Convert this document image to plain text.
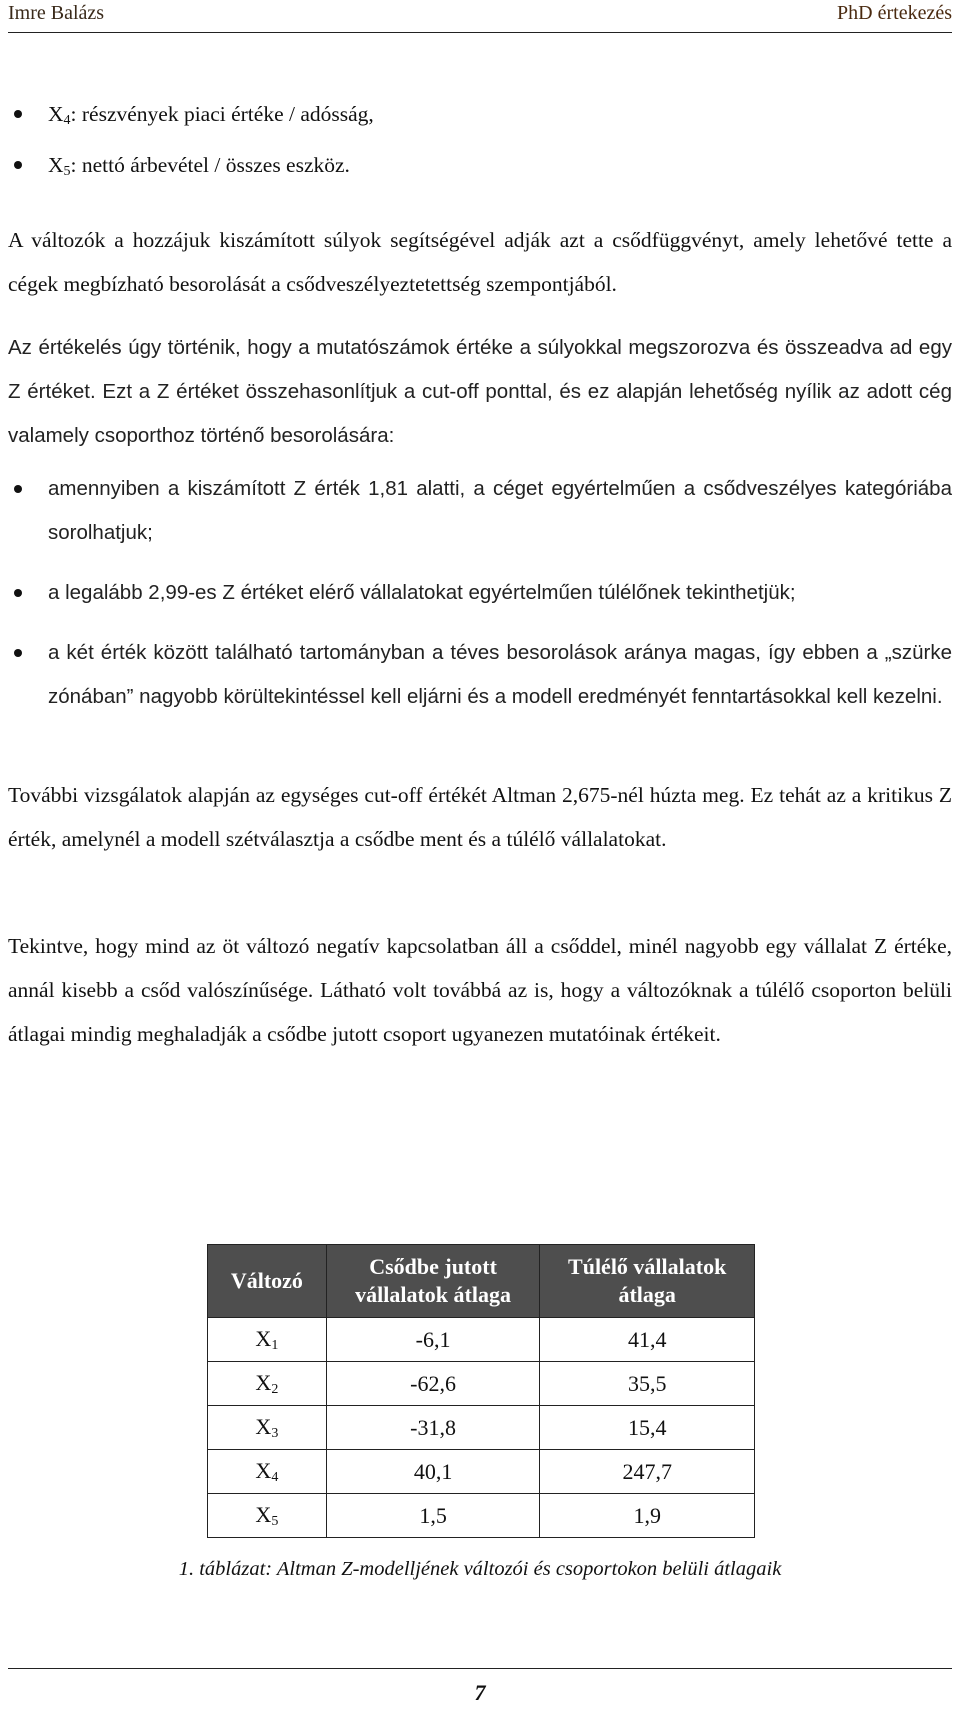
Imre Balázs	PhD értekezés
$X_4$: részvények piaci értéke / adósság,
$X_5$: nettó árbevétel / összes eszköz.
A változók a hozzájuk kiszámított súlyok segítségével adják azt a csődfüggvényt, amely lehetővé tette a cégek megbízható besorolását a csődveszélyeztetettség szempontjából.
Az értékelés úgy történik, hogy a mutatószámok értéke a súlyokkal megszorozva és összeadva ad egy Z értéket. Ezt a Z értéket összehasonlítjuk a cut-off ponttal, és ez alapján lehetőség nyílik az adott cég valamely csoporthoz történő besorolására:
amennyiben a kiszámított Z érték 1,81 alatti, a céget egyértelműen a csődveszélyes kategóriába sorolhatjuk;
a legalább 2,99-es Z értéket elérő vállalatokat egyértelműen túlélőnek tekinthetjük;
a két érték között található tartományban a téves besorolások aránya magas, így ebben a „szürke zónában” nagyobb körültekintéssel kell eljárni és a modell eredményét fenntartásokkal kell kezelni.
További vizsgálatok alapján az egységes cut-off értékét Altman 2,675-nél húzta meg. Ez tehát az a kritikus Z érték, amelynél a modell szétválasztja a csődbe ment és a túlélő vállalatokat.
Tekintve, hogy mind az öt változó negatív kapcsolatban áll a csőddel, minél nagyobb egy vállalat Z értéke, annál kisebb a csőd valószínűsége. Látható volt továbbá az is, hogy a változóknak a túlélő csoporton belüli átlagai mindig meghaladják a csődbe jutott csoport ugyanezen mutatóinak értékeit.
Változó	Csődbe jutott vállalatok átlaga	Túlélő vállalatok átlaga
$X_1$	-6,1	41,4
$X_2$	-62,6	35,5
$X_3$	-31,8	15,4
$X_4$	40,1	247,7
$X_5$	1,5	1,9
1. táblázat: Altman Z-modelljének változói és csoportokon belüli átlagaik
7
